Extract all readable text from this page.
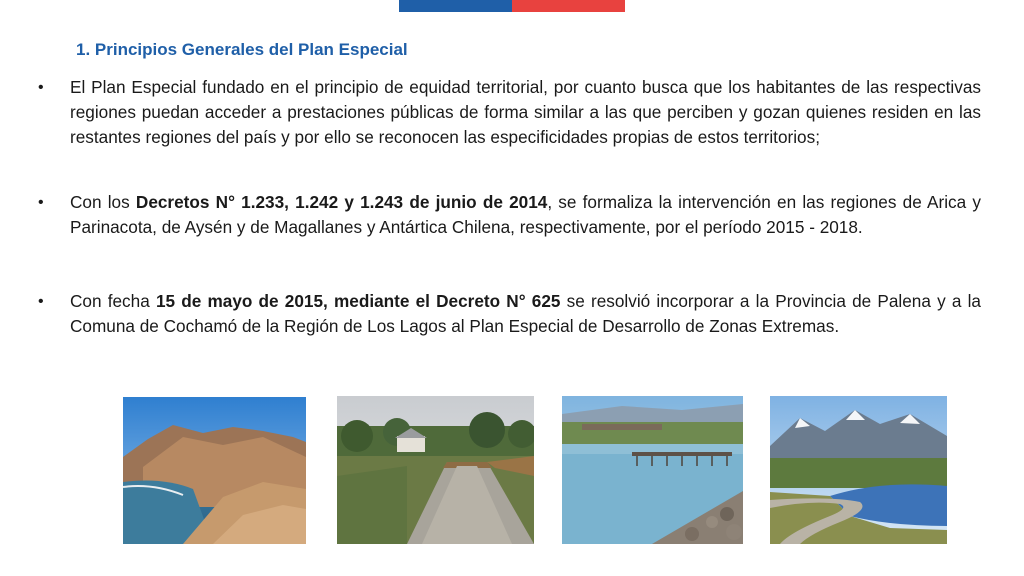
1. Principios Generales del Plan Especial
•	El Plan Especial fundado en el principio de equidad territorial, por cuanto busca que los habitantes de las respectivas regiones puedan acceder a prestaciones públicas de forma similar a las que perciben y gozan quienes residen en las restantes regiones del país y por ello se reconocen las especificidades propias de estos territorios;
•	Con los Decretos N° 1.233, 1.242 y 1.243 de junio de 2014, se formaliza la intervención en las regiones de Arica y Parinacota, de Aysén y de Magallanes y Antártica Chilena, respectivamente, por el período 2015 - 2018.
•	Con fecha 15 de mayo de 2015, mediante el Decreto N° 625 se resolvió incorporar a la Provincia de Palena y a la Comuna de Cochamó de la Región de Los Lagos al Plan Especial de Desarrollo de Zonas Extremas.
